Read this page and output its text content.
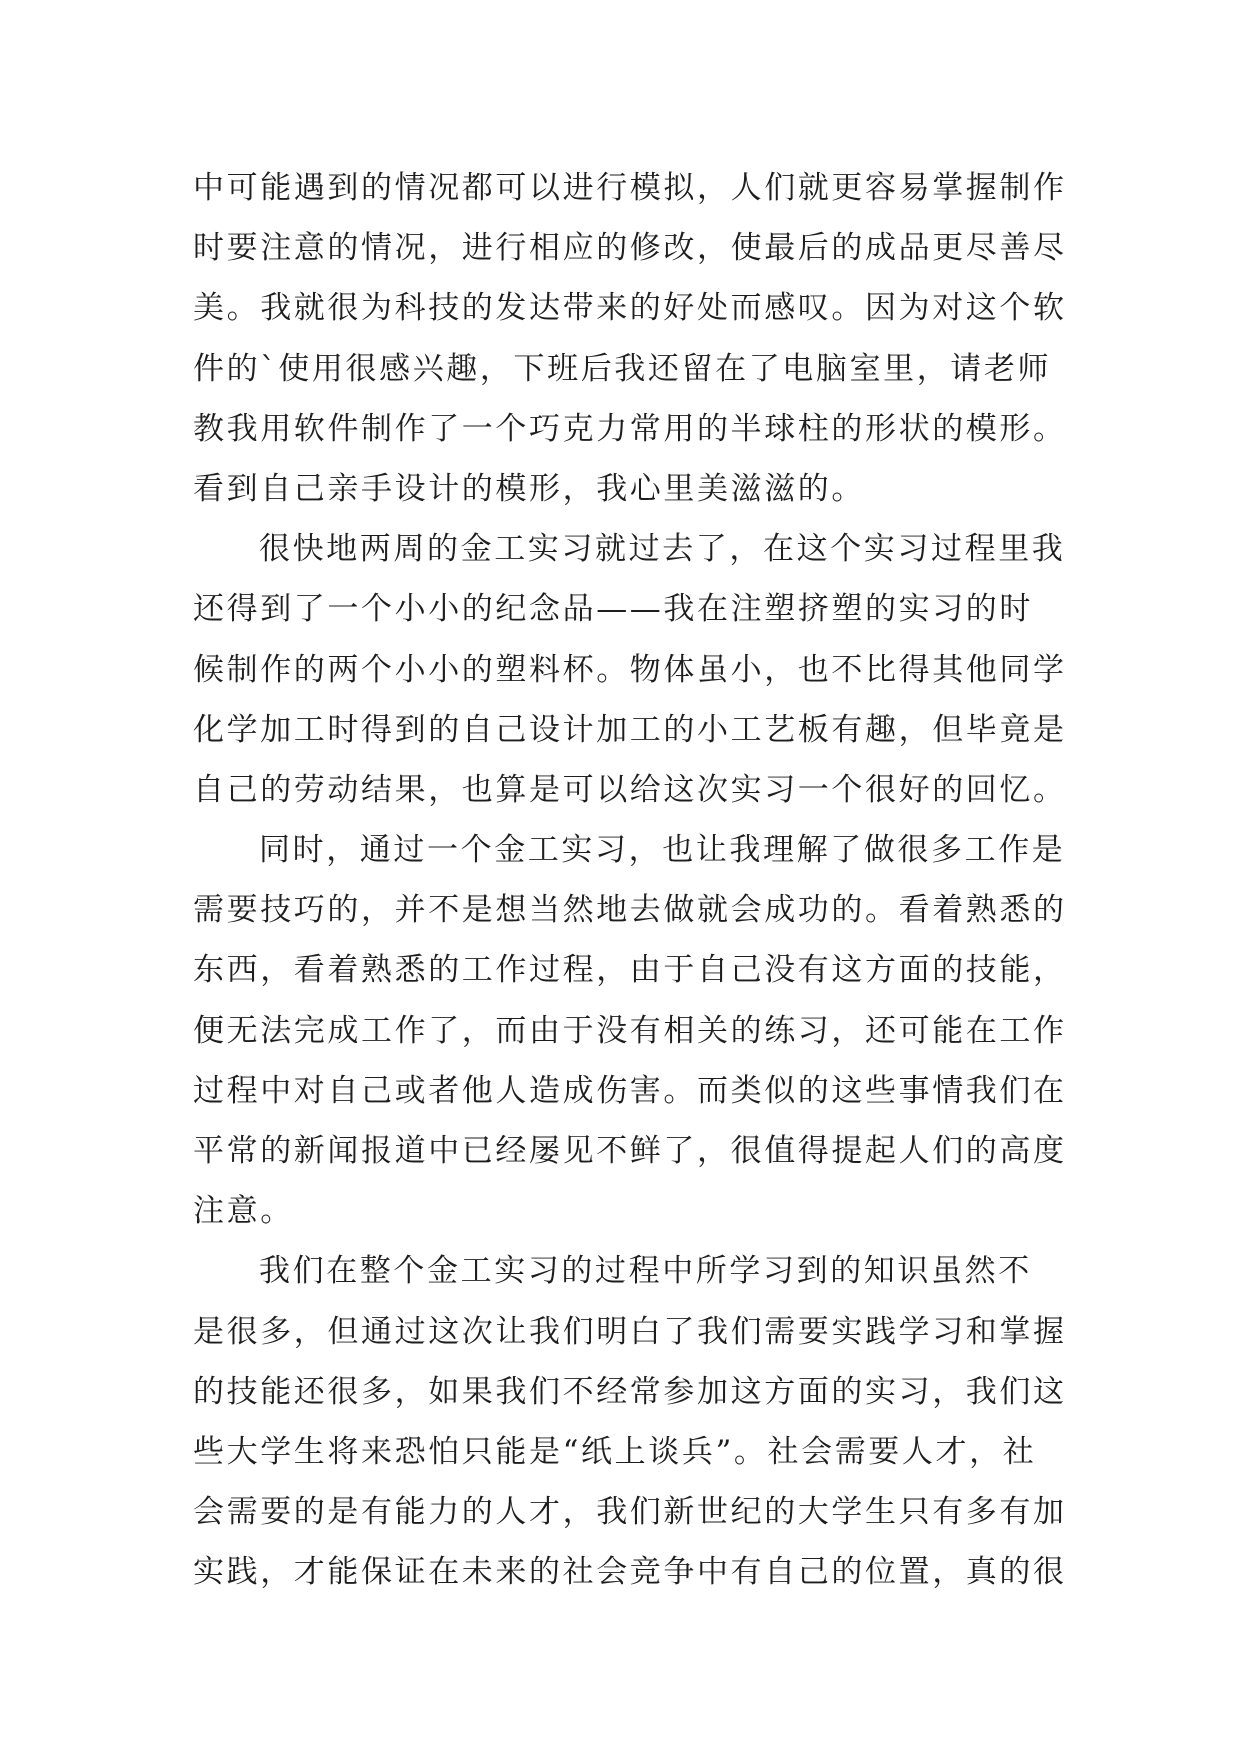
中可能遇到的情况都可以进行模拟，人们就更容易掌握制作
时要注意的情况，进行相应的修改，使最后的成品更尽善尽
美。我就很为科技的发达带来的好处而感叹。因为对这个软
件的`使用很感兴趣，下班后我还留在了电脑室里，请老师
教我用软件制作了一个巧克力常用的半球柱的形状的模形。
看到自己亲手设计的模形，我心里美滋滋的。
很快地两周的金工实习就过去了，在这个实习过程里我
还得到了一个小小的纪念品——我在注塑挤塑的实习的时
候制作的两个小小的塑料杯。物体虽小，也不比得其他同学
化学加工时得到的自己设计加工的小工艺板有趣，但毕竟是
自己的劳动结果，也算是可以给这次实习一个很好的回忆。
同时，通过一个金工实习，也让我理解了做很多工作是
需要技巧的，并不是想当然地去做就会成功的。看着熟悉的
东西，看着熟悉的工作过程，由于自己没有这方面的技能，
便无法完成工作了，而由于没有相关的练习，还可能在工作
过程中对自己或者他人造成伤害。而类似的这些事情我们在
平常的新闻报道中已经屡见不鲜了，很值得提起人们的高度
注意。
我们在整个金工实习的过程中所学习到的知识虽然不
是很多，但通过这次让我们明白了我们需要实践学习和掌握
的技能还很多，如果我们不经常参加这方面的实习，我们这
些大学生将来恐怕只能是“纸上谈兵”。社会需要人才，社
会需要的是有能力的人才，我们新世纪的大学生只有多有加
实践，才能保证在未来的社会竞争中有自己的位置，真的很
